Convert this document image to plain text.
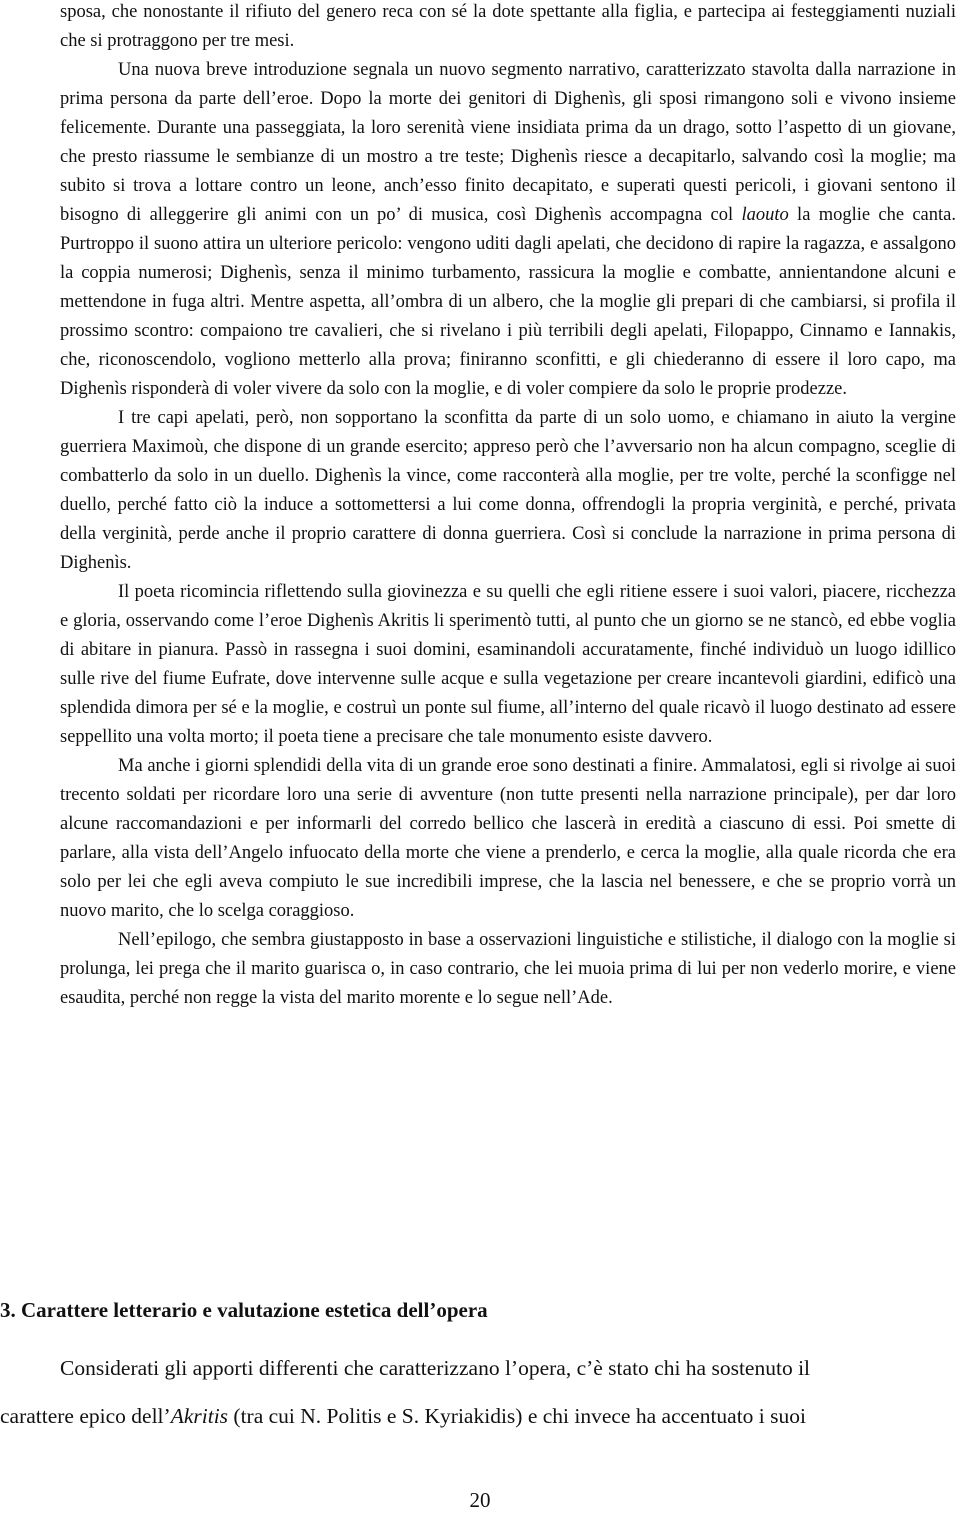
sposa, che nonostante il rifiuto del genero reca con sé la dote spettante alla figlia, e partecipa ai festeggiamenti nuziali che si protraggono per tre mesi.

Una nuova breve introduzione segnala un nuovo segmento narrativo, caratterizzato stavolta dalla narrazione in prima persona da parte dell’eroe. Dopo la morte dei genitori di Dighenìs, gli sposi rimangono soli e vivono insieme felicemente. Durante una passeggiata, la loro serenità viene insidiata prima da un drago, sotto l’aspetto di un giovane, che presto riassume le sembianze di un mostro a tre teste; Dighenìs riesce a decapitarlo, salvando così la moglie; ma subito si trova a lottare contro un leone, anch’esso finito decapitato, e superati questi pericoli, i giovani sentono il bisogno di alleggerire gli animi con un po’ di musica, così Dighenìs accompagna col laouto la moglie che canta. Purtroppo il suono attira un ulteriore pericolo: vengono uditi dagli apelati, che decidono di rapire la ragazza, e assalgono la coppia numerosi; Dighenìs, senza il minimo turbamento, rassicura la moglie e combatte, annientandone alcuni e mettendone in fuga altri. Mentre aspetta, all’ombra di un albero, che la moglie gli prepari di che cambiarsi, si profila il prossimo scontro: compaiono tre cavalieri, che si rivelano i più terribili degli apelati, Filopappo, Cinnamo e Iannakis, che, riconoscendolo, vogliono metterlo alla prova; finiranno sconfitti, e gli chiederanno di essere il loro capo, ma Dighenìs risponderà di voler vivere da solo con la moglie, e di voler compiere da solo le proprie prodezze.

I tre capi apelati, però, non sopportano la sconfitta da parte di un solo uomo, e chiamano in aiuto la vergine guerriera Maximoù, che dispone di un grande esercito; appreso però che l’avversario non ha alcun compagno, sceglie di combatterlo da solo in un duello. Dighenìs la vince, come racconterà alla moglie, per tre volte, perché la sconfigge nel duello, perché fatto ciò la induce a sottomettersi a lui come donna, offrendogli la propria verginità, e perché, privata della verginità, perde anche il proprio carattere di donna guerriera. Così si conclude la narrazione in prima persona di Dighenìs.

Il poeta ricomincia riflettendo sulla giovinezza e su quelli che egli ritiene essere i suoi valori, piacere, ricchezza e gloria, osservando come l’eroe Dighenìs Akritis li sperimentò tutti, al punto che un giorno se ne stancò, ed ebbe voglia di abitare in pianura. Passò in rassegna i suoi domini, esaminandoli accuratamente, finché individuò un luogo idillico sulle rive del fiume Eufrate, dove intervenne sulle acque e sulla vegetazione per creare incantevoli giardini, edificò una splendida dimora per sé e la moglie, e costruì un ponte sul fiume, all’interno del quale ricavò il luogo destinato ad essere seppellito una volta morto; il poeta tiene a precisare che tale monumento esiste davvero.

Ma anche i giorni splendidi della vita di un grande eroe sono destinati a finire. Ammalatosi, egli si rivolge ai suoi trecento soldati per ricordare loro una serie di avventure (non tutte presenti nella narrazione principale), per dar loro alcune raccomandazioni e per informarli del corredo bellico che lascerà in eredità a ciascuno di essi. Poi smette di parlare, alla vista dell’Angelo infuocato della morte che viene a prenderlo, e cerca la moglie, alla quale ricorda che era solo per lei che egli aveva compiuto le sue incredibili imprese, che la lascia nel benessere, e che se proprio vorrà un nuovo marito, che lo scelga coraggioso.

Nell’epilogo, che sembra giustapposto in base a osservazioni linguistiche e stilistiche, il dialogo con la moglie si prolunga, lei prega che il marito guarisca o, in caso contrario, che lei muoia prima di lui per non vederlo morire, e viene esaudita, perché non regge la vista del marito morente e lo segue nell’Ade.

3. Carattere letterario e valutazione estetica dell’opera

Considerati gli apporti differenti che caratterizzano l’opera, c’è stato chi ha sostenuto il
carattere epico dell’Akritis (tra cui N. Politis e S. Kyriakidis) e chi invece ha accentuato i suoi

20
